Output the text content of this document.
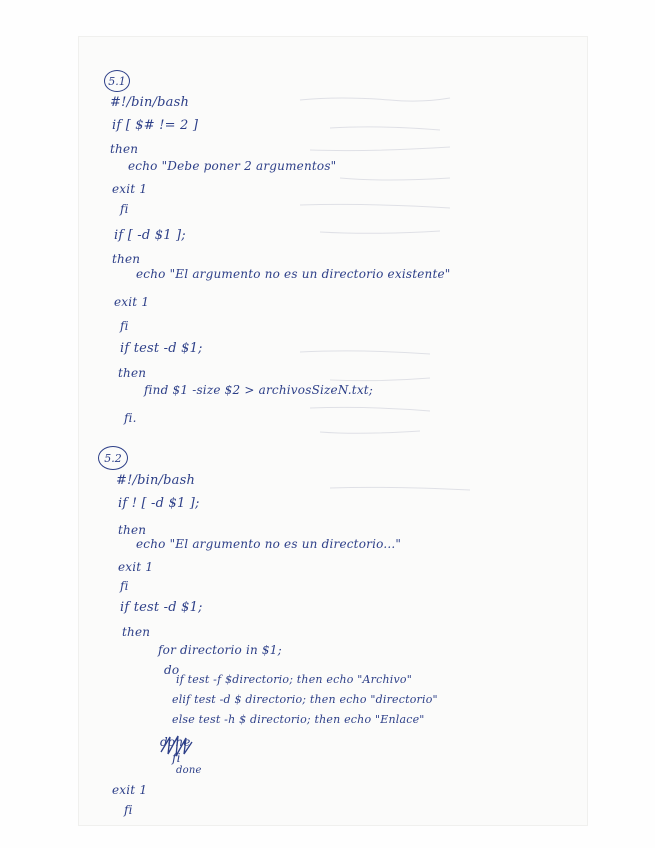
5.1
#!/bin/bash
if [ $# != 2 ]
then
echo "Debe poner 2 argumentos"
exit 1
fi
if [ -d $1 ];
then
echo "El argumento no es un directorio existente"
exit 1
fi
if test -d $1;
then
find $1 -size $2 > archivosSizeN.txt;
fi.
5.2
#!/bin/bash
if ! [ -d $1 ];
then
echo "El argumento no es un directorio..."
exit 1
fi
if test -d $1;
then
for directorio in $1;
do
if test -f $directorio; then echo "Archivo"
elif test -d $ directorio; then echo "directorio"
else test -h $ directorio; then echo "Enlace"
done
fi
done
exit 1
fi
